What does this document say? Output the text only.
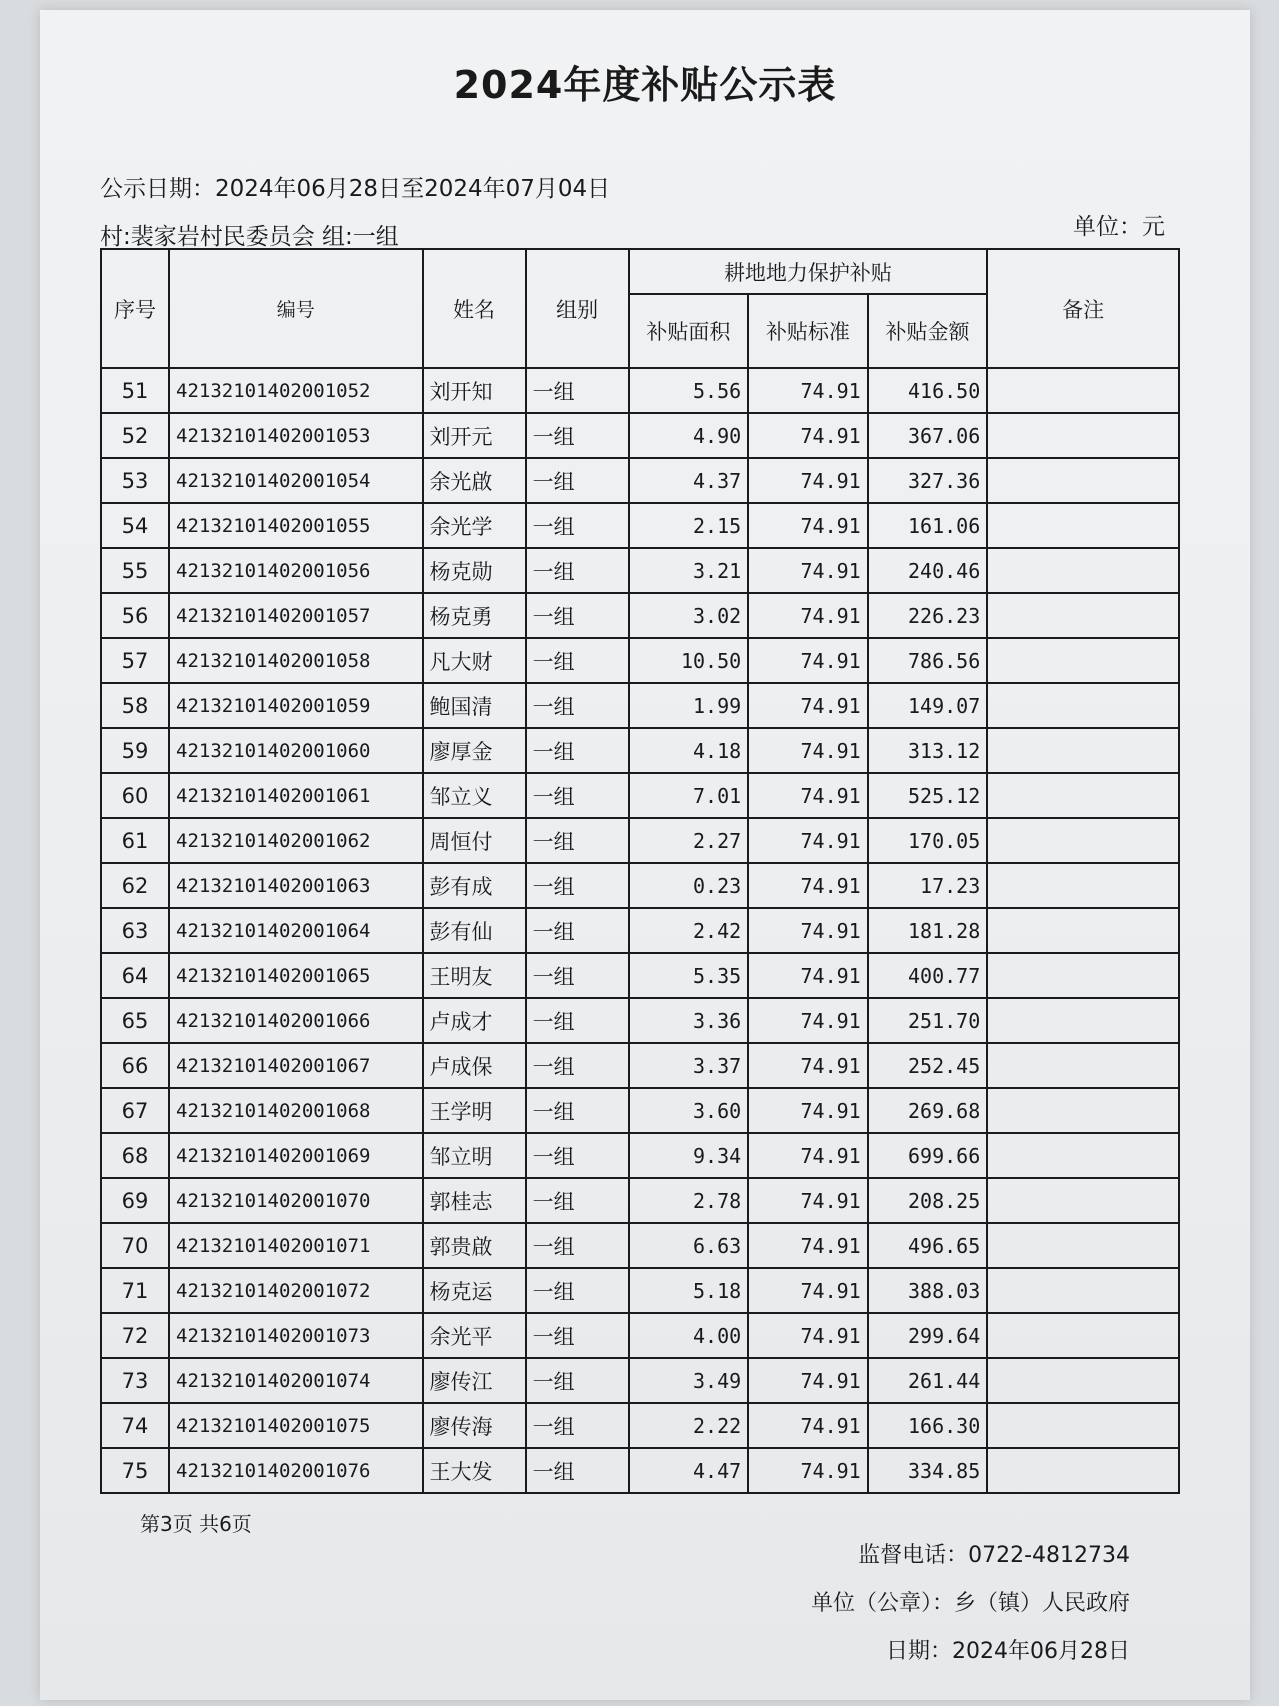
2024年度补贴公示表
公示日期：2024年06月28日至2024年07月04日
村:裴家岩村民委员会 组:一组	单位：元
序号	编号	姓名	组别	耕地地力保护补贴			备注
				补贴面积	补贴标准	补贴金额	
51	42132101402001052	刘开知	一组	5.56	74.91	416.50	
52	42132101402001053	刘开元	一组	4.90	74.91	367.06	
53	42132101402001054	余光啟	一组	4.37	74.91	327.36	
54	42132101402001055	余光学	一组	2.15	74.91	161.06	
55	42132101402001056	杨克勋	一组	3.21	74.91	240.46	
56	42132101402001057	杨克勇	一组	3.02	74.91	226.23	
57	42132101402001058	凡大财	一组	10.50	74.91	786.56	
58	42132101402001059	鲍国清	一组	1.99	74.91	149.07	
59	42132101402001060	廖厚金	一组	4.18	74.91	313.12	
60	42132101402001061	邹立义	一组	7.01	74.91	525.12	
61	42132101402001062	周恒付	一组	2.27	74.91	170.05	
62	42132101402001063	彭有成	一组	0.23	74.91	17.23	
63	42132101402001064	彭有仙	一组	2.42	74.91	181.28	
64	42132101402001065	王明友	一组	5.35	74.91	400.77	
65	42132101402001066	卢成才	一组	3.36	74.91	251.70	
66	42132101402001067	卢成保	一组	3.37	74.91	252.45	
67	42132101402001068	王学明	一组	3.60	74.91	269.68	
68	42132101402001069	邹立明	一组	9.34	74.91	699.66	
69	42132101402001070	郭桂志	一组	2.78	74.91	208.25	
70	42132101402001071	郭贵啟	一组	6.63	74.91	496.65	
71	42132101402001072	杨克运	一组	5.18	74.91	388.03	
72	42132101402001073	余光平	一组	4.00	74.91	299.64	
73	42132101402001074	廖传江	一组	3.49	74.91	261.44	
74	42132101402001075	廖传海	一组	2.22	74.91	166.30	
75	42132101402001076	王大发	一组	4.47	74.91	334.85	
第3页 共6页
监督电话：0722-4812734
单位（公章）：乡（镇）人民政府
日期：2024年06月28日
